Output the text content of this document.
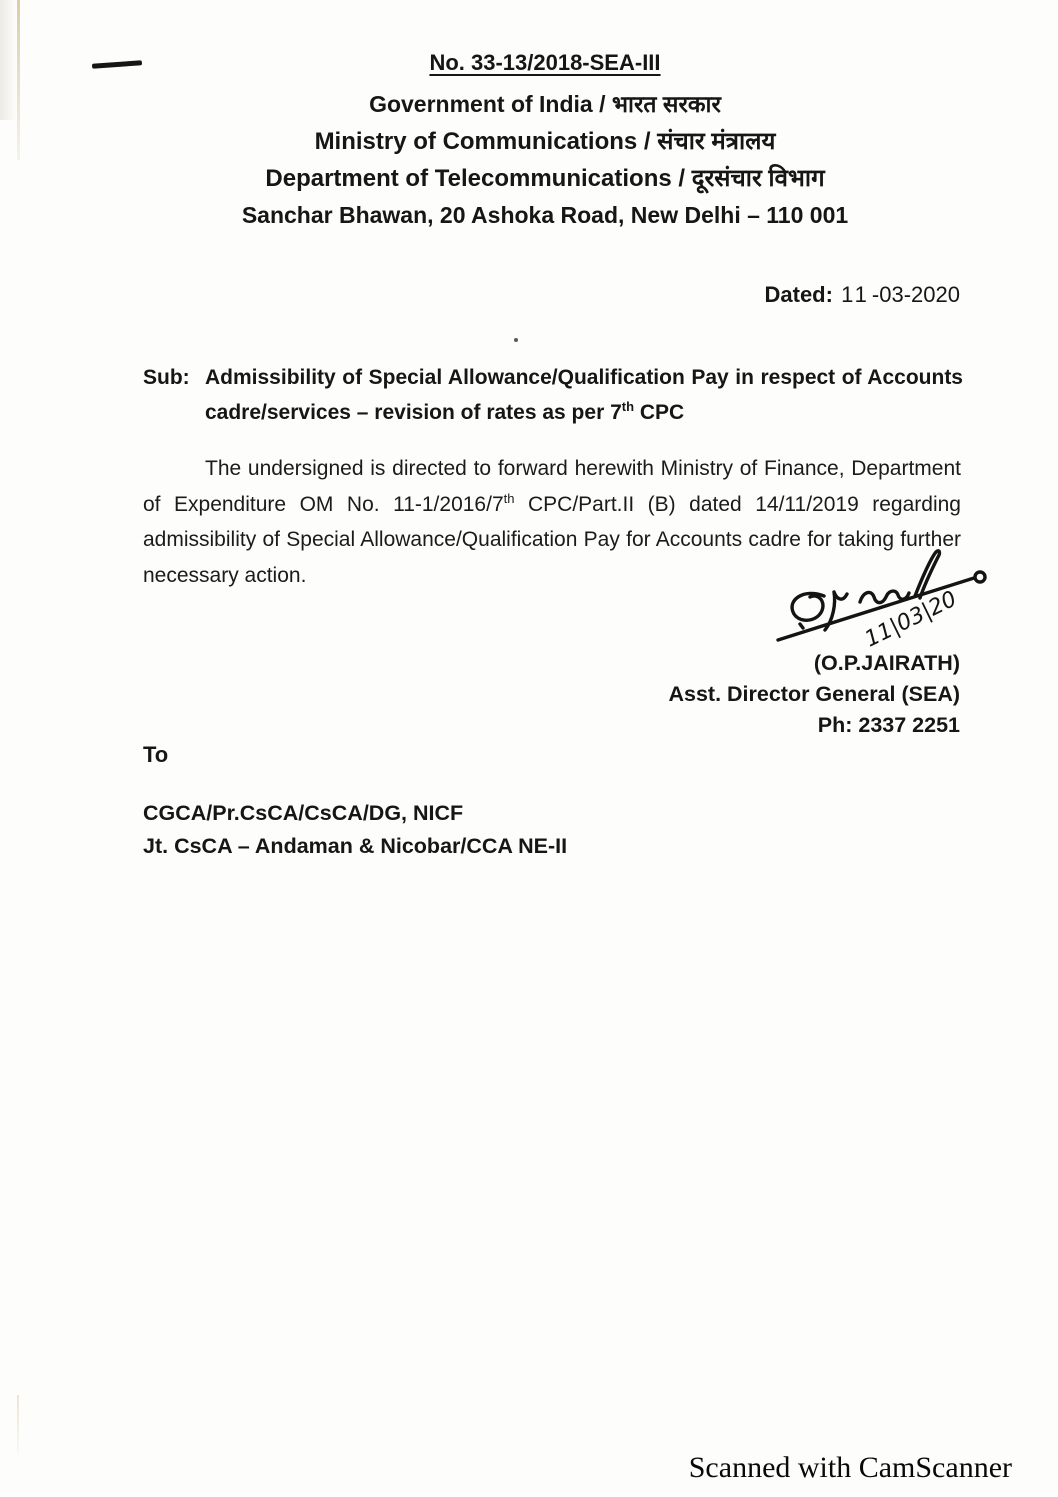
No. 33-13/2018-SEA-III
Government of India / भारत सरकार
Ministry of Communications / संचार मंत्रालय
Department of Telecommunications / दूरसंचार विभाग
Sanchar Bhawan, 20 Ashoka Road, New Delhi – 110 001
Dated: 11-03-2020
Sub: Admissibility of Special Allowance/Qualification Pay in respect of Accounts cadre/services – revision of rates as per 7th CPC
The undersigned is directed to forward herewith Ministry of Finance, Department of Expenditure OM No. 11-1/2016/7th CPC/Part.II (B) dated 14/11/2019 regarding admissibility of Special Allowance/Qualification Pay for Accounts cadre for taking further necessary action.
11|03|20
(O.P.JAIRATH)
Asst. Director General (SEA)
Ph: 2337 2251
To
CGCA/Pr.CsCA/CsCA/DG, NICF
Jt. CsCA – Andaman & Nicobar/CCA NE-II
Scanned with CamScanner
